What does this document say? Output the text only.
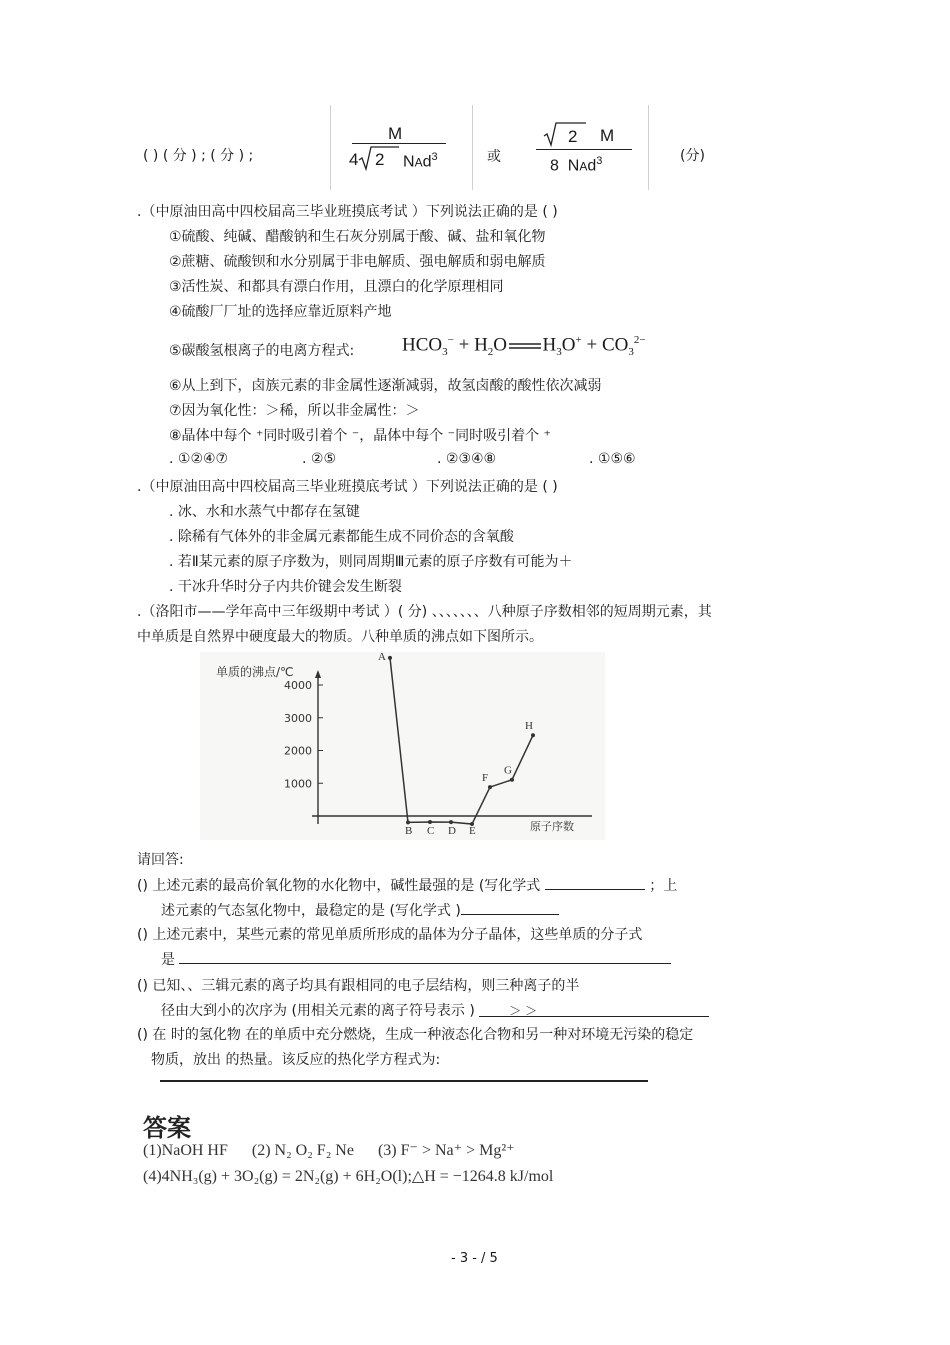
( ) ( 分 ) ; ( 分 ) ;
M
4 2 NAd$^3$	或
2 M
8 NAd$^3$	(分)
.（中原油田高中四校届高三毕业班摸底考试 ）下列说法正确的是 ( )
①硫酸、纯碱、醋酸钠和生石灰分别属于酸、碱、盐和氧化物
②蔗糖、硫酸钡和水分别属于非电解质、强电解质和弱电解质
③活性炭、和都具有漂白作用，且漂白的化学原理相同
④硫酸厂厂址的选择应靠近原料产地
⑤碳酸氢根离子的电离方程式:	$HCO_3^- + H_2O$ $H_3O^+ + CO_3^{2-}$
⑥从上到下，卤族元素的非金属性逐渐减弱，故氢卤酸的酸性依次减弱
⑦因为氧化性：＞稀，所以非金属性：＞
⑧晶体中每个 ⁺同时吸引着个 ⁻，晶体中每个 ⁻同时吸引着个 ⁺
. ①②④⑦	. ②⑤	. ②③④⑧	. ①⑤⑥
.（中原油田高中四校届高三毕业班摸底考试 ）下列说法正确的是 ( )
. 冰、水和水蒸气中都存在氢键
. 除稀有气体外的非金属元素都能生成不同价态的含氧酸
. 若Ⅱ某元素的原子序数为，则同周期Ⅲ元素的原子序数有可能为＋
. 干冰升华时分子内共价键会发生断裂
.（洛阳市——学年高中三年级期中考试 ）( 分) 、、、、、、、八种原子序数相邻的短周期元素，其
中单质是自然界中硬度最大的物质。八种单质的沸点如下图所示。
单质的沸点/℃
原子序数
1000
2000
3000
4000
A
B C D E
F
G
H
请回答:
() 上述元素的最高价氧化物的水化物中，碱性最强的是 (写化学式	；上
述元素的气态氢化物中，最稳定的是 (写化学式 )
() 上述元素中，某些元素的常见单质所形成的晶体为分子晶体，这些单质的分子式
是
() 已知、、三辑元素的离子均具有跟相同的电子层结构，则三种离子的半
径由大到小的次序为 (用相关元素的离子符号表示 )	＞ ＞
() 在 时的氢化物 在的单质中充分燃烧，生成一种液态化合物和另一种对环境无污染的稳定
物质，放出 的热量。该反应的热化学方程式为:
答案
(1)NaOH HF (2) N₂ O₂ F₂ Ne (3) F⁻ > Na⁺ > Mg²⁺
(4)4NH₃(g) + 3O₂(g) = 2N₂(g) + 6H₂O(l);△H = −1264.8 kJ/mol
- 3 - / 5
